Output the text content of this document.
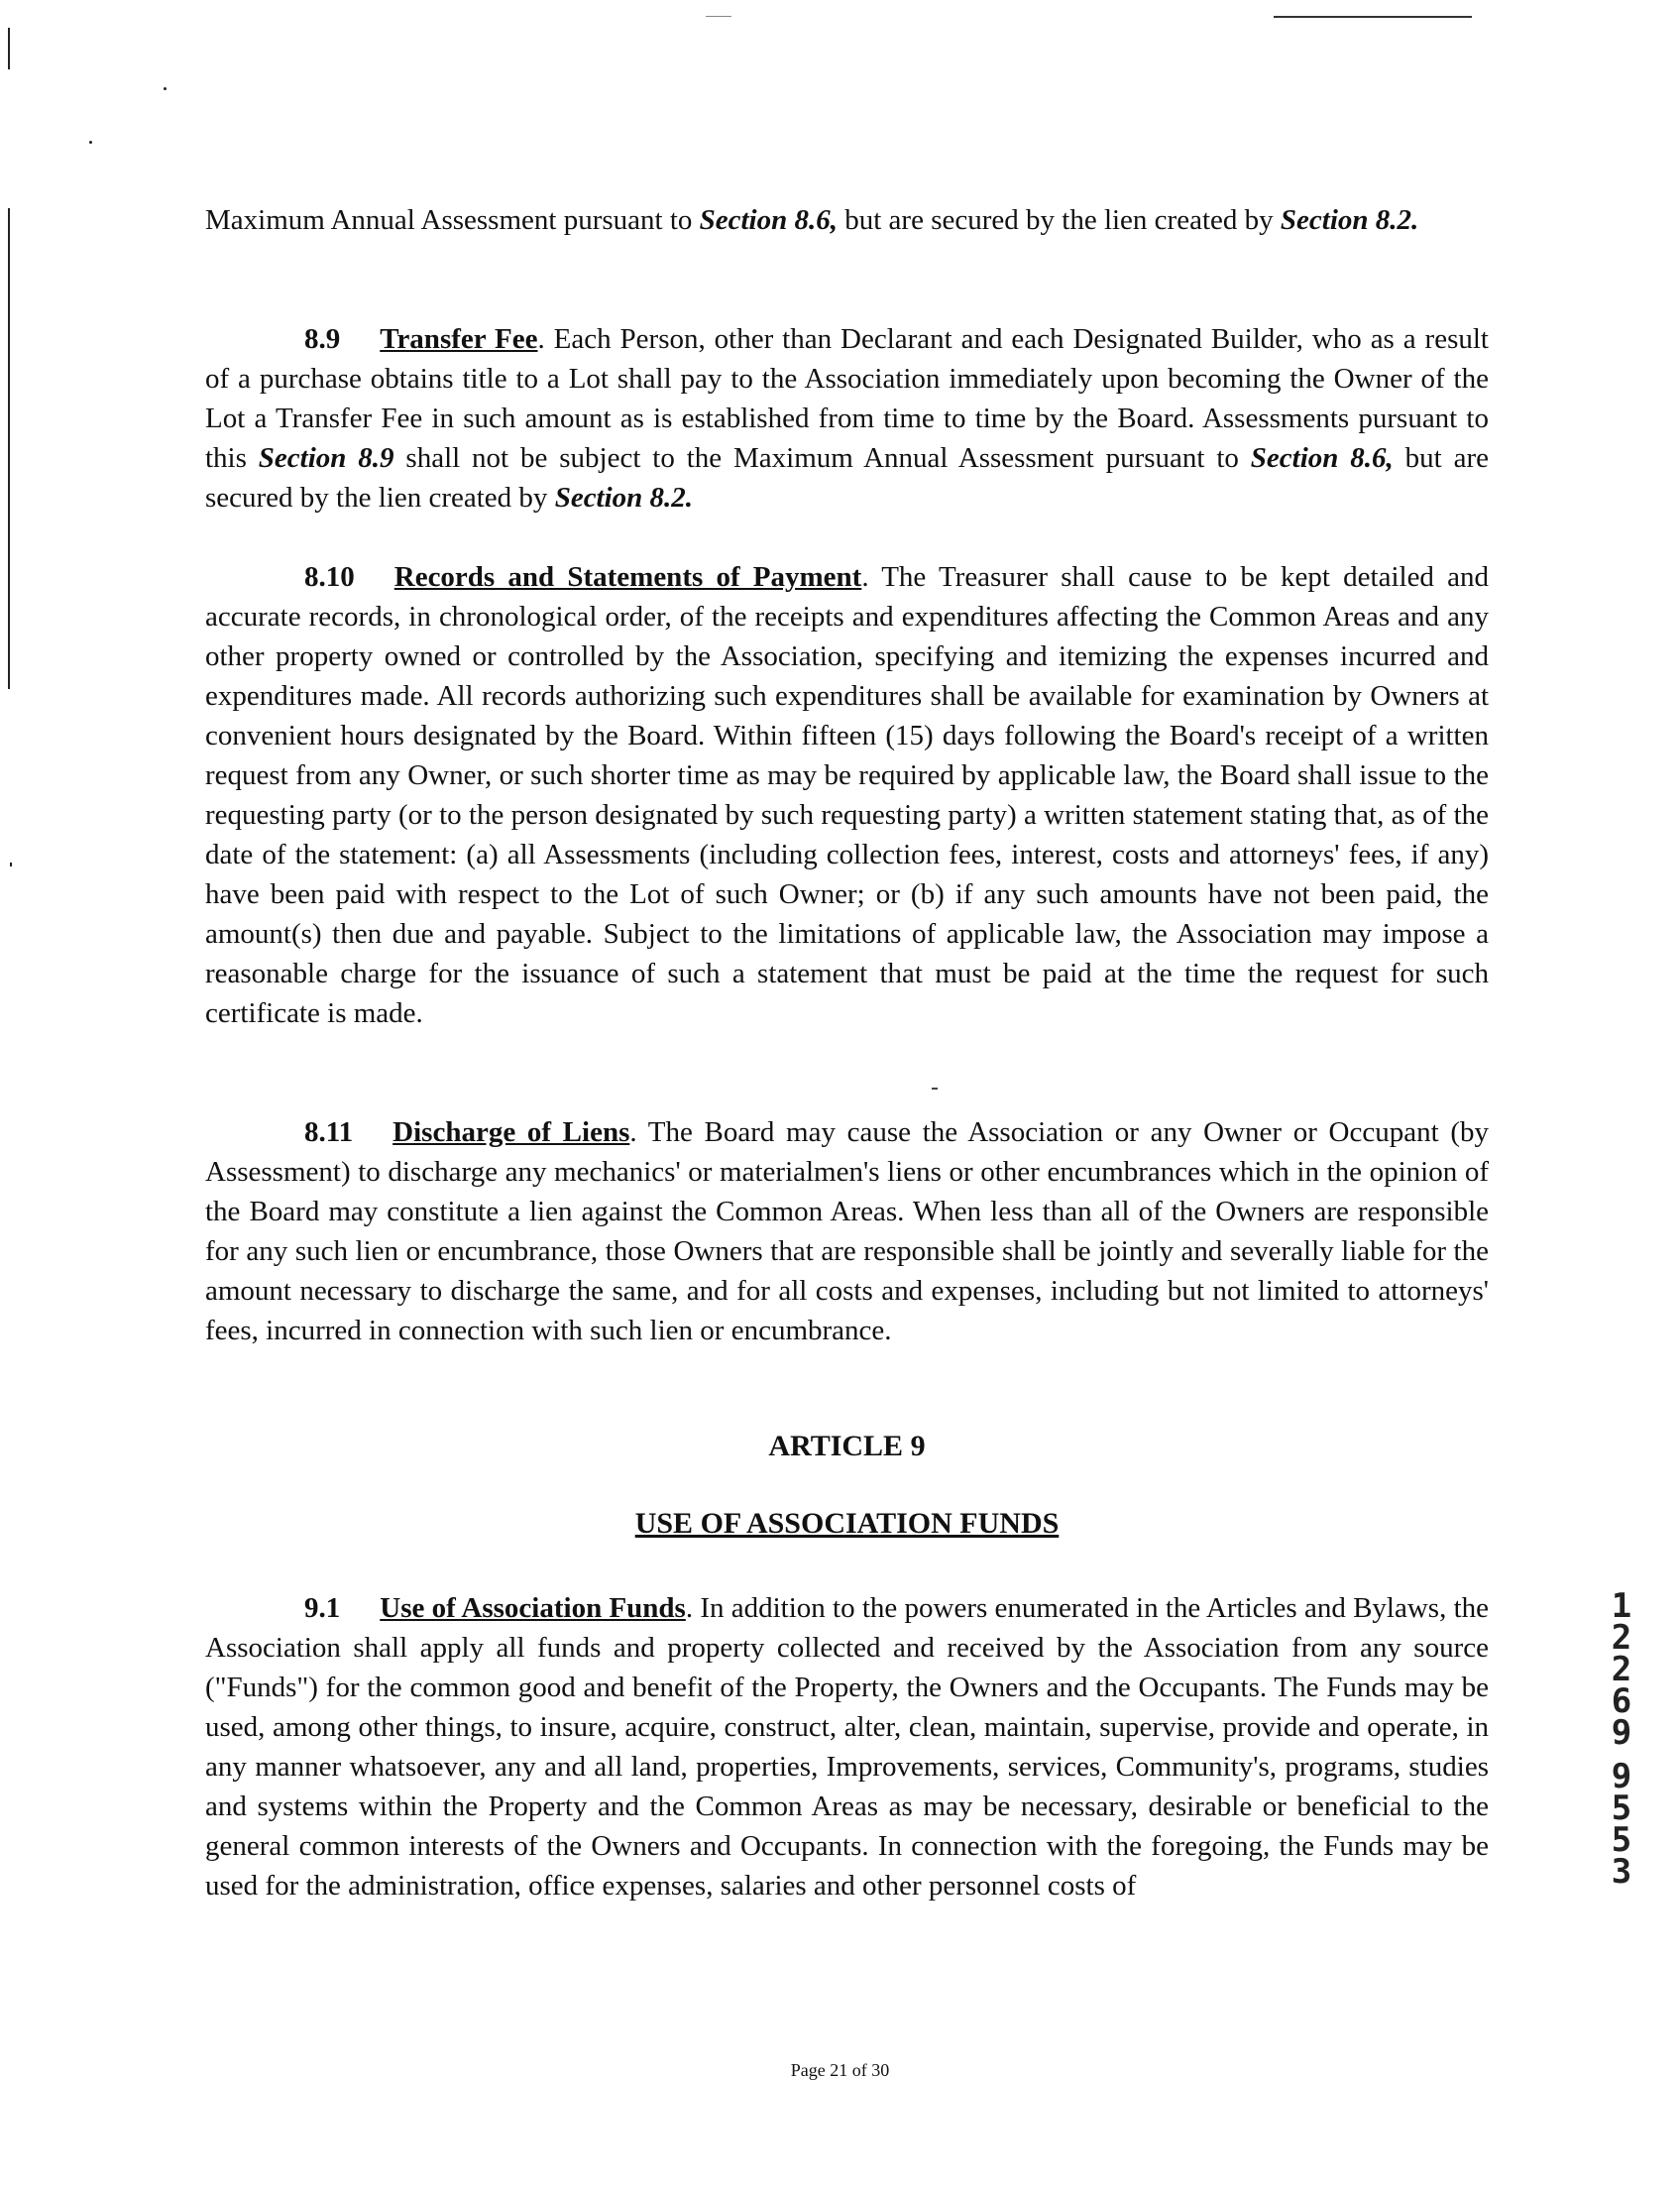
Maximum Annual Assessment pursuant to Section 8.6, but are secured by the lien created by Section 8.2.

8.9 Transfer Fee. Each Person, other than Declarant and each Designated Builder, who as a result of a purchase obtains title to a Lot shall pay to the Association immediately upon becoming the Owner of the Lot a Transfer Fee in such amount as is established from time to time by the Board. Assessments pursuant to this Section 8.9 shall not be subject to the Maximum Annual Assessment pursuant to Section 8.6, but are secured by the lien created by Section 8.2.

8.10 Records and Statements of Payment. The Treasurer shall cause to be kept detailed and accurate records, in chronological order, of the receipts and expenditures affecting the Common Areas and any other property owned or controlled by the Association, specifying and itemizing the expenses incurred and expenditures made. All records authorizing such expenditures shall be available for examination by Owners at convenient hours designated by the Board. Within fifteen (15) days following the Board's receipt of a written request from any Owner, or such shorter time as may be required by applicable law, the Board shall issue to the requesting party (or to the person designated by such requesting party) a written statement stating that, as of the date of the statement: (a) all Assessments (including collection fees, interest, costs and attorneys' fees, if any) have been paid with respect to the Lot of such Owner; or (b) if any such amounts have not been paid, the amount(s) then due and payable. Subject to the limitations of applicable law, the Association may impose a reasonable charge for the issuance of such a statement that must be paid at the time the request for such certificate is made.

8.11 Discharge of Liens. The Board may cause the Association or any Owner or Occupant (by Assessment) to discharge any mechanics' or materialmen's liens or other encumbrances which in the opinion of the Board may constitute a lien against the Common Areas. When less than all of the Owners are responsible for any such lien or encumbrance, those Owners that are responsible shall be jointly and severally liable for the amount necessary to discharge the same, and for all costs and expenses, including but not limited to attorneys' fees, incurred in connection with such lien or encumbrance.

ARTICLE 9

USE OF ASSOCIATION FUNDS

9.1 Use of Association Funds. In addition to the powers enumerated in the Articles and Bylaws, the Association shall apply all funds and property collected and received by the Association from any source ("Funds") for the common good and benefit of the Property, the Owners and the Occupants. The Funds may be used, among other things, to insure, acquire, construct, alter, clean, maintain, supervise, provide and operate, in any manner whatsoever, any and all land, properties, Improvements, services, Community's, programs, studies and systems within the Property and the Common Areas as may be necessary, desirable or beneficial to the general common interests of the Owners and Occupants. In connection with the foregoing, the Funds may be used for the administration, office expenses, salaries and other personnel costs of

1
2
2
6
9
9
5
5
3
Page 21 of 30
